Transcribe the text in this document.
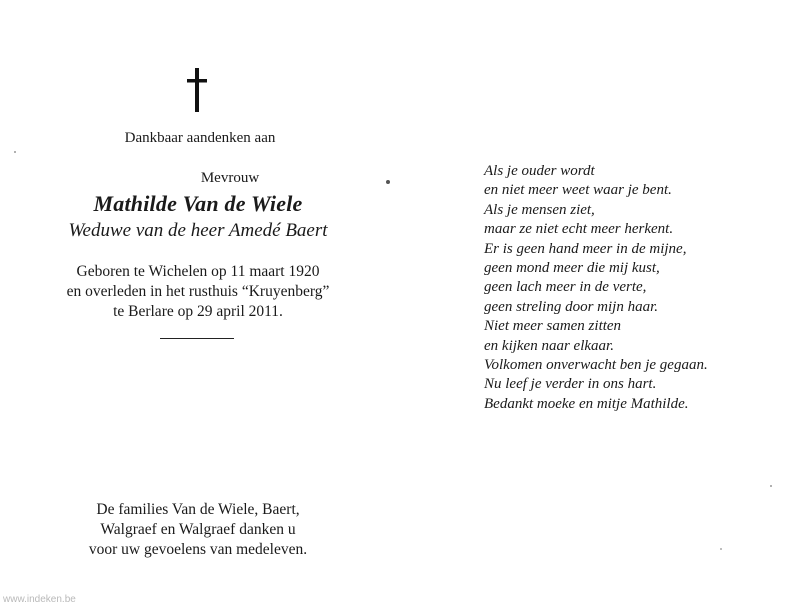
Dankbaar aandenken aan
Mevrouw
Mathilde Van de Wiele
Weduwe van de heer Amedé Baert
Geboren te Wichelen op 11 maart 1920
en overleden in het rusthuis “Kruyenberg”
te Berlare op 29 april 2011.
De families Van de Wiele, Baert,
Walgraef en Walgraef danken u
voor uw gevoelens van medeleven.
Als je ouder wordt
en niet meer weet waar je bent.
Als je mensen ziet,
maar ze niet echt meer herkent.
Er is geen hand meer in de mijne,
geen mond meer die mij kust,
geen lach meer in de verte,
geen streling door mijn haar.
Niet meer samen zitten
en kijken naar elkaar.
Volkomen onverwacht ben je gegaan.
Nu leef je verder in ons hart.
Bedankt moeke en mitje Mathilde.
www.indeken.be
